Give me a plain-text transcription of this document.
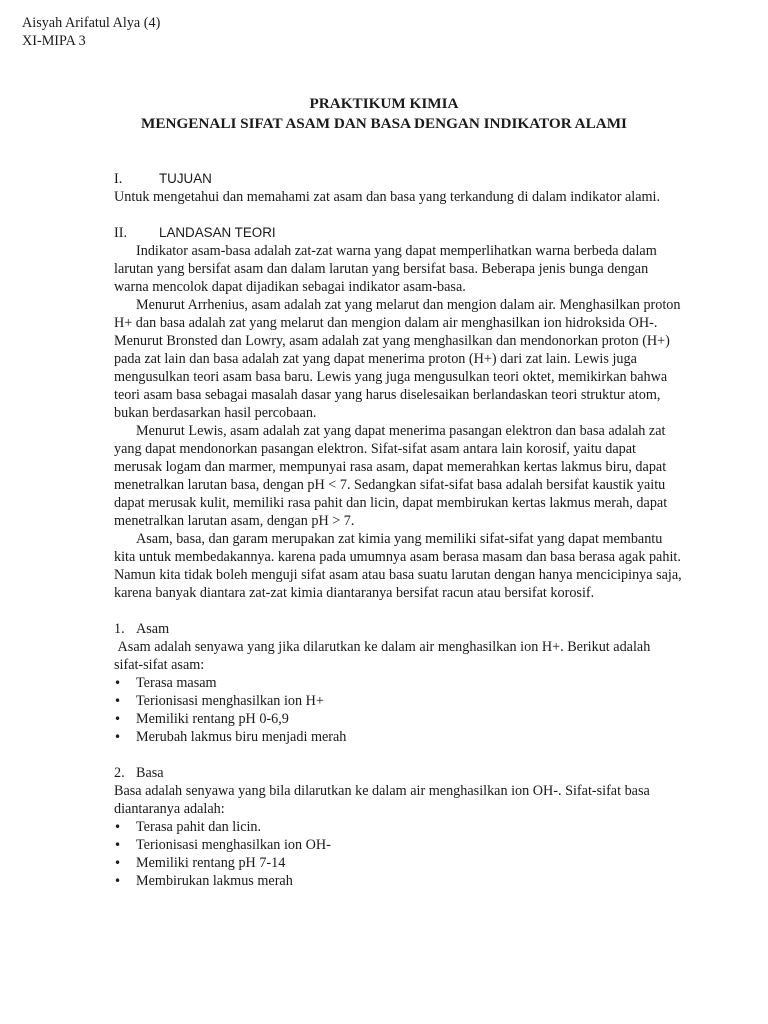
Aisyah Arifatul Alya (4)
XI-MIPA 3
PRAKTIKUM KIMIA
MENGENALI SIFAT ASAM DAN BASA DENGAN INDIKATOR ALAMI
I.	TUJUAN

Untuk mengetahui dan memahami zat asam dan basa yang terkandung di dalam indikator alami.

II.	LANDASAN TEORI

Indikator asam-basa adalah zat-zat warna yang dapat memperlihatkan warna berbeda dalam larutan yang bersifat asam dan dalam larutan yang bersifat basa. Beberapa jenis bunga dengan warna mencolok dapat dijadikan sebagai indikator asam-basa.

Menurut Arrhenius, asam adalah zat yang melarut dan mengion dalam air. Menghasilkan proton H+ dan basa adalah zat yang melarut dan mengion dalam air menghasilkan ion hidroksida OH-. Menurut Bronsted dan Lowry, asam adalah zat yang menghasilkan dan mendonorkan proton (H+) pada zat lain dan basa adalah zat yang dapat menerima proton (H+) dari zat lain. Lewis juga mengusulkan teori asam basa baru. Lewis yang juga mengusulkan teori oktet, memikirkan bahwa teori asam basa sebagai masalah dasar yang harus diselesaikan berlandaskan teori struktur atom, bukan berdasarkan hasil percobaan.

Menurut Lewis, asam adalah zat yang dapat menerima pasangan elektron dan basa adalah zat yang dapat mendonorkan pasangan elektron. Sifat-sifat asam antara lain korosif, yaitu dapat merusak logam dan marmer, mempunyai rasa asam, dapat memerahkan kertas lakmus biru, dapat menetralkan larutan basa, dengan pH < 7. Sedangkan sifat-sifat basa adalah bersifat kaustik yaitu dapat merusak kulit, memiliki rasa pahit dan licin, dapat membirukan kertas lakmus merah, dapat menetralkan larutan asam, dengan pH > 7.

Asam, basa, dan garam merupakan zat kimia yang memiliki sifat-sifat yang dapat membantu kita untuk membedakannya. karena pada umumnya asam berasa masam dan basa berasa agak pahit. Namun kita tidak boleh menguji sifat asam atau basa suatu larutan dengan hanya mencicipinya saja, karena banyak diantara zat-zat kimia diantaranya bersifat racun atau bersifat korosif.

1. Asam

Asam adalah senyawa yang jika dilarutkan ke dalam air menghasilkan ion H+. Berikut adalah sifat-sifat asam:

•	Terasa masam
•	Terionisasi menghasilkan ion H+
•	Memiliki rentang pH 0-6,9
•	Merubah lakmus biru menjadi merah
2. Basa

Basa adalah senyawa yang bila dilarutkan ke dalam air menghasilkan ion OH-. Sifat-sifat basa diantaranya adalah:

•	Terasa pahit dan licin.
•	Terionisasi menghasilkan ion OH-
•	Memiliki rentang pH 7-14
•	Membirukan lakmus merah
